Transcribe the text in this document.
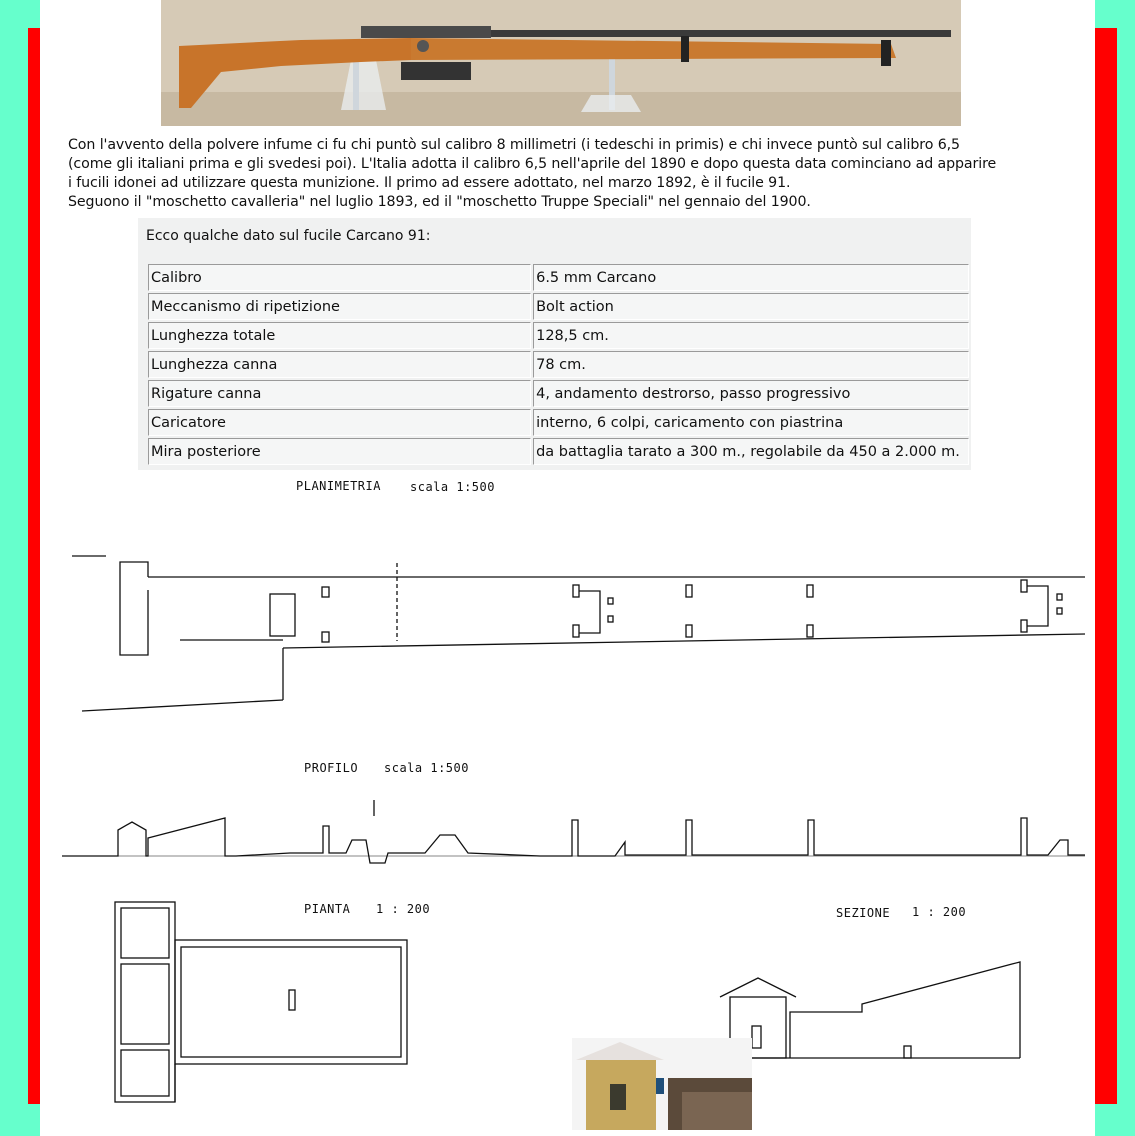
Con l'avvento della polvere infume ci fu chi puntò sul calibro 8 millimetri (i tedeschi in primis) e chi invece puntò sul calibro 6,5

(come gli italiani prima e gli svedesi poi). L'Italia adotta il calibro 6,5 nell'aprile del 1890 e dopo questa data cominciano ad apparire

i fucili idonei ad utilizzare questa munizione. Il primo ad essere adottato, nel marzo 1892, è il fucile 91.

Seguono il "moschetto cavalleria" nel luglio 1893, ed il "moschetto Truppe Speciali" nel gennaio del 1900.

Ecco qualche dato sul fucile Carcano 91:
Calibro	6.5 mm Carcano
Meccanismo di ripetizione	Bolt action
Lunghezza totale	128,5 cm.
Lunghezza canna	78 cm.
Rigature canna	4, andamento destrorso, passo progressivo
Caricatore	interno, 6 colpi, caricamento con piastrina
Mira posteriore	da battaglia tarato a 300 m., regolabile da 450 a 2.000 m.
PLANIMETRIA scala 1:500
PROFILO scala 1:500
PIANTA 1 : 200	SEZIONE 1 : 200
